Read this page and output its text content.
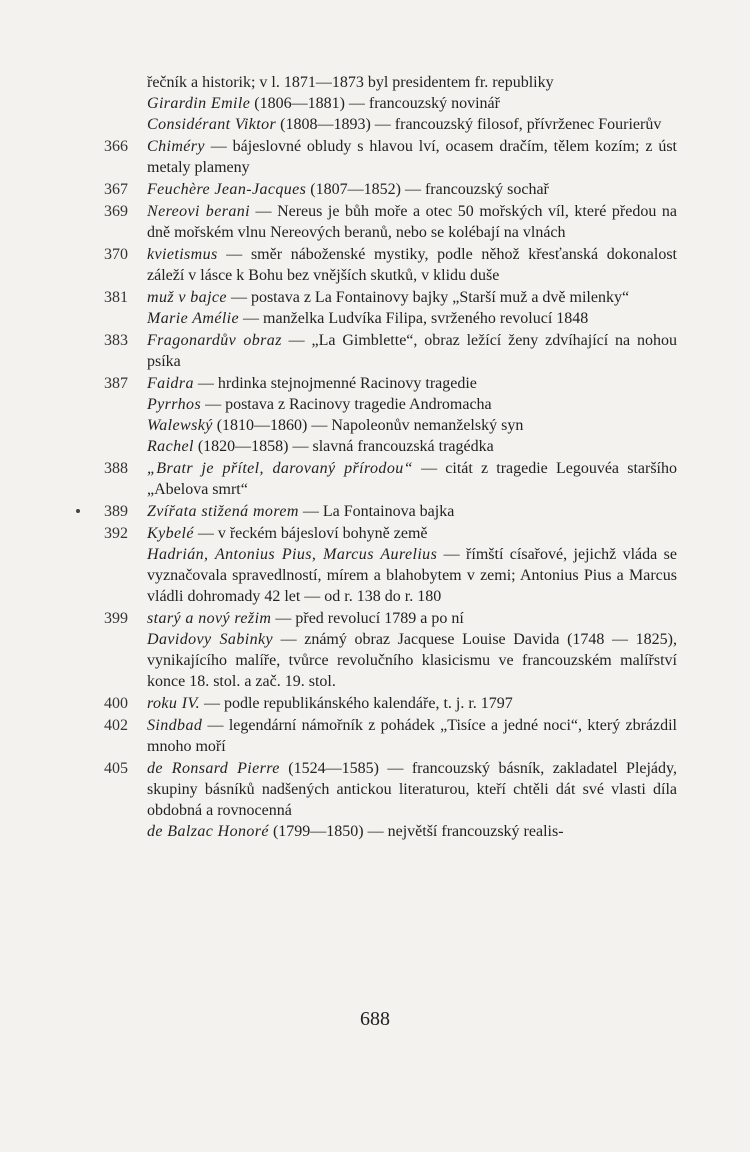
řečník a historik; v l. 1871—1873 byl presidentem fr. republiky
Girardin Emile (1806—1881) — francouzský novinář
Considérant Viktor (1808—1893) — francouzský filosof, přívrženec Fourierův
366	Chiméry — bájeslovné obludy s hlavou lví, ocasem dračím, tělem kozím; z úst metaly plameny
367	Feuchère Jean-Jacques (1807—1852) — francouzský sochař
369	Nereovi berani — Nereus je bůh moře a otec 50 mořských víl, které předou na dně mořském vlnu Nereových beranů, nebo se kolébají na vlnách
370	kvietismus — směr náboženské mystiky, podle něhož křesťanská dokonalost záleží v lásce k Bohu bez vnějších skutků, v klidu duše
381	muž v bajce — postava z La Fontainovy bajky „Starší muž a dvě milenky“
Marie Amélie — manželka Ludvíka Filipa, svrženého revolucí 1848
383	Fragonardův obraz — „La Gimblette“, obraz ležící ženy zdvíhající na nohou psíka
387	Faidra — hrdinka stejnojmenné Racinovy tragedie
Pyrrhos — postava z Racinovy tragedie Andromacha
Walewský (1810—1860) — Napoleonův nemanželský syn
Rachel (1820—1858) — slavná francouzská tragédka
388	„Bratr je přítel, darovaný přírodou“ — citát z tragedie Legouvéa staršího „Abelova smrt“
389	Zvířata stižená morem — La Fontainova bajka
392	Kybelé — v řeckém bájesloví bohyně země
Hadrián, Antonius Pius, Marcus Aurelius — římští císařové, jejichž vláda se vyznačovala spravedlností, mírem a blahobytem v zemi; Antonius Pius a Marcus vládli dohromady 42 let — od r. 138 do r. 180
399	starý a nový režim — před revolucí 1789 a po ní
Davidovy Sabinky — známý obraz Jacquese Louise Davida (1748 — 1825), vynikajícího malíře, tvůrce revolučního klasicismu ve francouzském malířství konce 18. stol. a zač. 19. stol.
400	roku IV. — podle republikánského kalendáře, t. j. r. 1797
402	Sindbad — legendární námořník z pohádek „Tisíce a jedné noci“, který zbrázdil mnoho moří
405	de Ronsard Pierre (1524—1585) — francouzský básník, zakladatel Plejády, skupiny básníků nadšených antickou literaturou, kteří chtěli dát své vlasti díla obdobná a rovnocenná
de Balzac Honoré (1799—1850) — největší francouzský realis-
688
